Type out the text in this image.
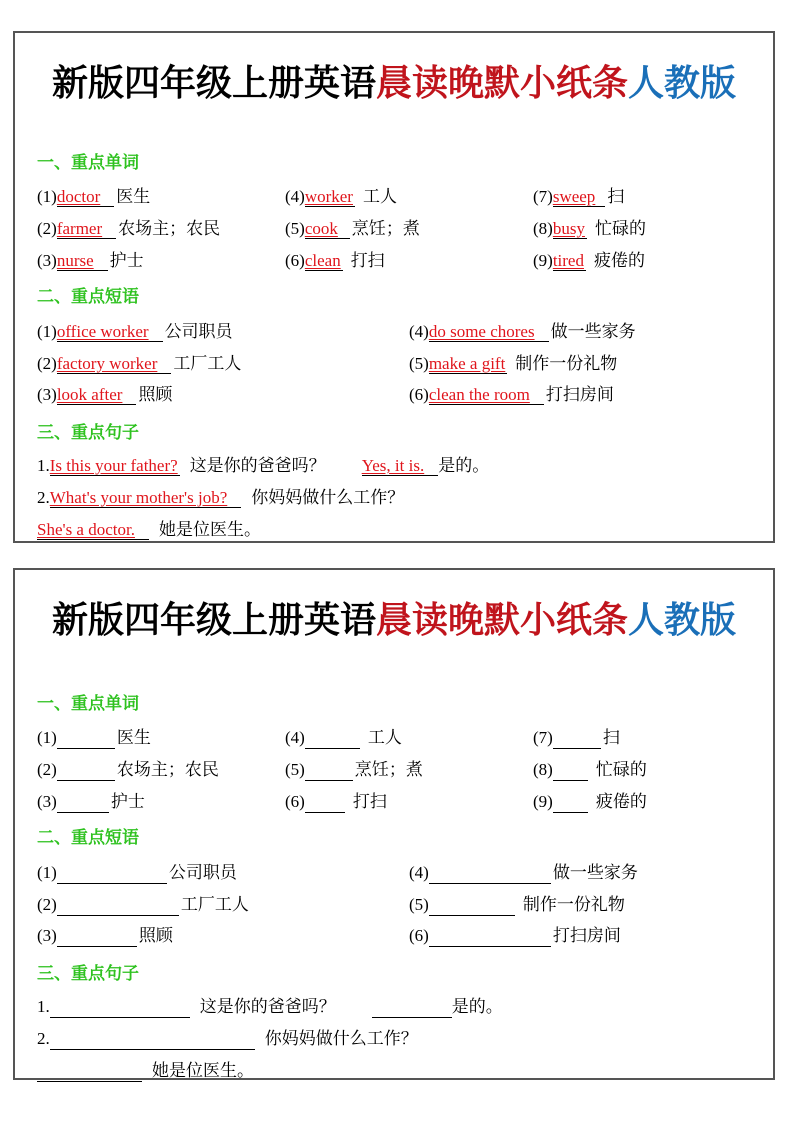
新版四年级上册英语晨读晚默小纸条人教版
一、重点单词
二、重点短语
三、重点句子
(1)doctor 医生
(2)farmer 农场主；农民
(3)nurse 护士
(4)worker 工人
(5)cook 烹饪；煮
(6)clean 打扫
(7)sweep 扫
(8)busy 忙碌的
(9)tired 疲倦的
(1)office worker 公司职员
(2)factory worker 工厂工人
(3)look after 照顾
(4)do some chores 做一些家务
(5)make a gift 制作一份礼物
(6)clean the room 打扫房间
1.Is this your father? 这是你的爸爸吗？ Yes, it is. 是的。
2.What's your mother's job? 你妈妈做什么工作？
She's a doctor. 她是位医生。
新版四年级上册英语晨读晚默小纸条人教版
一、重点单词
二、重点短语
三、重点句子
(1)	医生
(2)	农场主；农民
(3)	护士
(4)	工人
(5)	烹饪；煮
(6)	打扫
(7)	扫
(8)	忙碌的
(9)	疲倦的
(1)	公司职员
(2)	工厂工人
(3)	照顾
(4)	做一些家务
(5)	制作一份礼物
(6)	打扫房间
1.	这是你的爸爸吗？	是的。
2.	你妈妈做什么工作？
她是位医生。
